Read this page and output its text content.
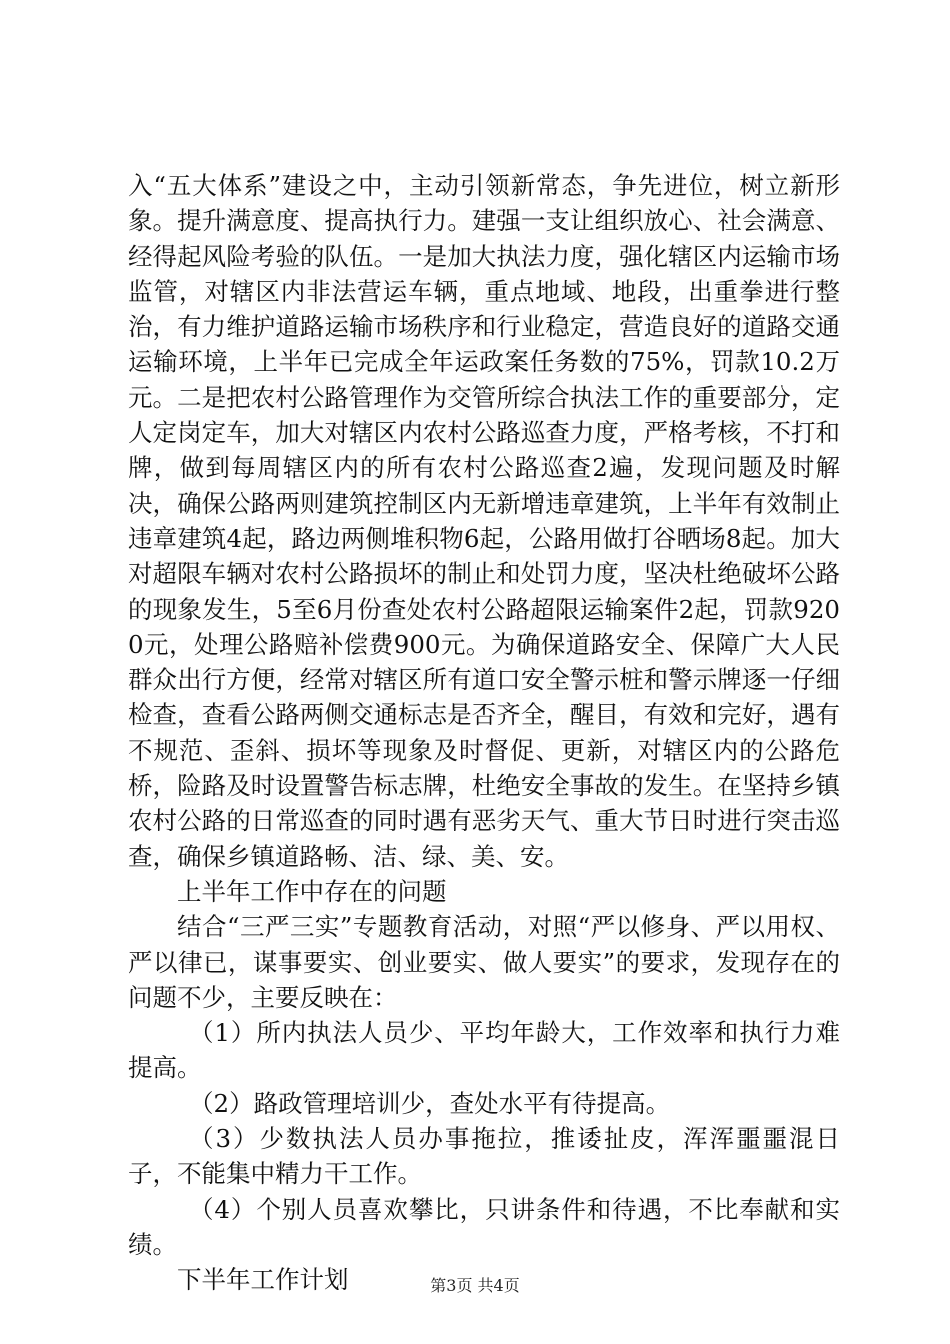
入“五大体系”建设之中，主动引领新常态，争先进位，树立新形象。提升满意度、提高执行力。建强一支让组织放心、社会满意、经得起风险考验的队伍。一是加大执法力度，强化辖区内运输市场监管，对辖区内非法营运车辆，重点地域、地段，出重拳进行整治，有力维护道路运输市场秩序和行业稳定，营造良好的道路交通运输环境，上半年已完成全年运政案任务数的75%，罚款10.2万元。二是把农村公路管理作为交管所综合执法工作的重要部分，定人定岗定车，加大对辖区内农村公路巡查力度，严格考核，不打和牌，做到每周辖区内的所有农村公路巡查2遍，发现问题及时解决，确保公路两则建筑控制区内无新增违章建筑，上半年有效制止违章建筑4起，路边两侧堆积物6起，公路用做打谷晒场8起。加大对超限车辆对农村公路损坏的制止和处罚力度，坚决杜绝破坏公路的现象发生，5至6月份查处农村公路超限运输案件2起，罚款9200元，处理公路赔补偿费900元。为确保道路安全、保障广大人民群众出行方便，经常对辖区所有道口安全警示桩和警示牌逐一仔细检查，查看公路两侧交通标志是否齐全，醒目，有效和完好，遇有不规范、歪斜、损坏等现象及时督促、更新，对辖区内的公路危桥，险路及时设置警告标志牌，杜绝安全事故的发生。在坚持乡镇农村公路的日常巡查的同时遇有恶劣天气、重大节日时进行突击巡查，确保乡镇道路畅、洁、绿、美、安。

上半年工作中存在的问题

结合“三严三实”专题教育活动，对照“严以修身、严以用权、严以律已，谋事要实、创业要实、做人要实”的要求，发现存在的问题不少，主要反映在：

（1）所内执法人员少、平均年龄大，工作效率和执行力难提高。

（2）路政管理培训少，查处水平有待提高。

（3）少数执法人员办事拖拉，推诿扯皮，浑浑噩噩混日子，不能集中精力干工作。

（4）个别人员喜欢攀比，只讲条件和待遇，不比奉献和实绩。

下半年工作计划	第3页 共4页
